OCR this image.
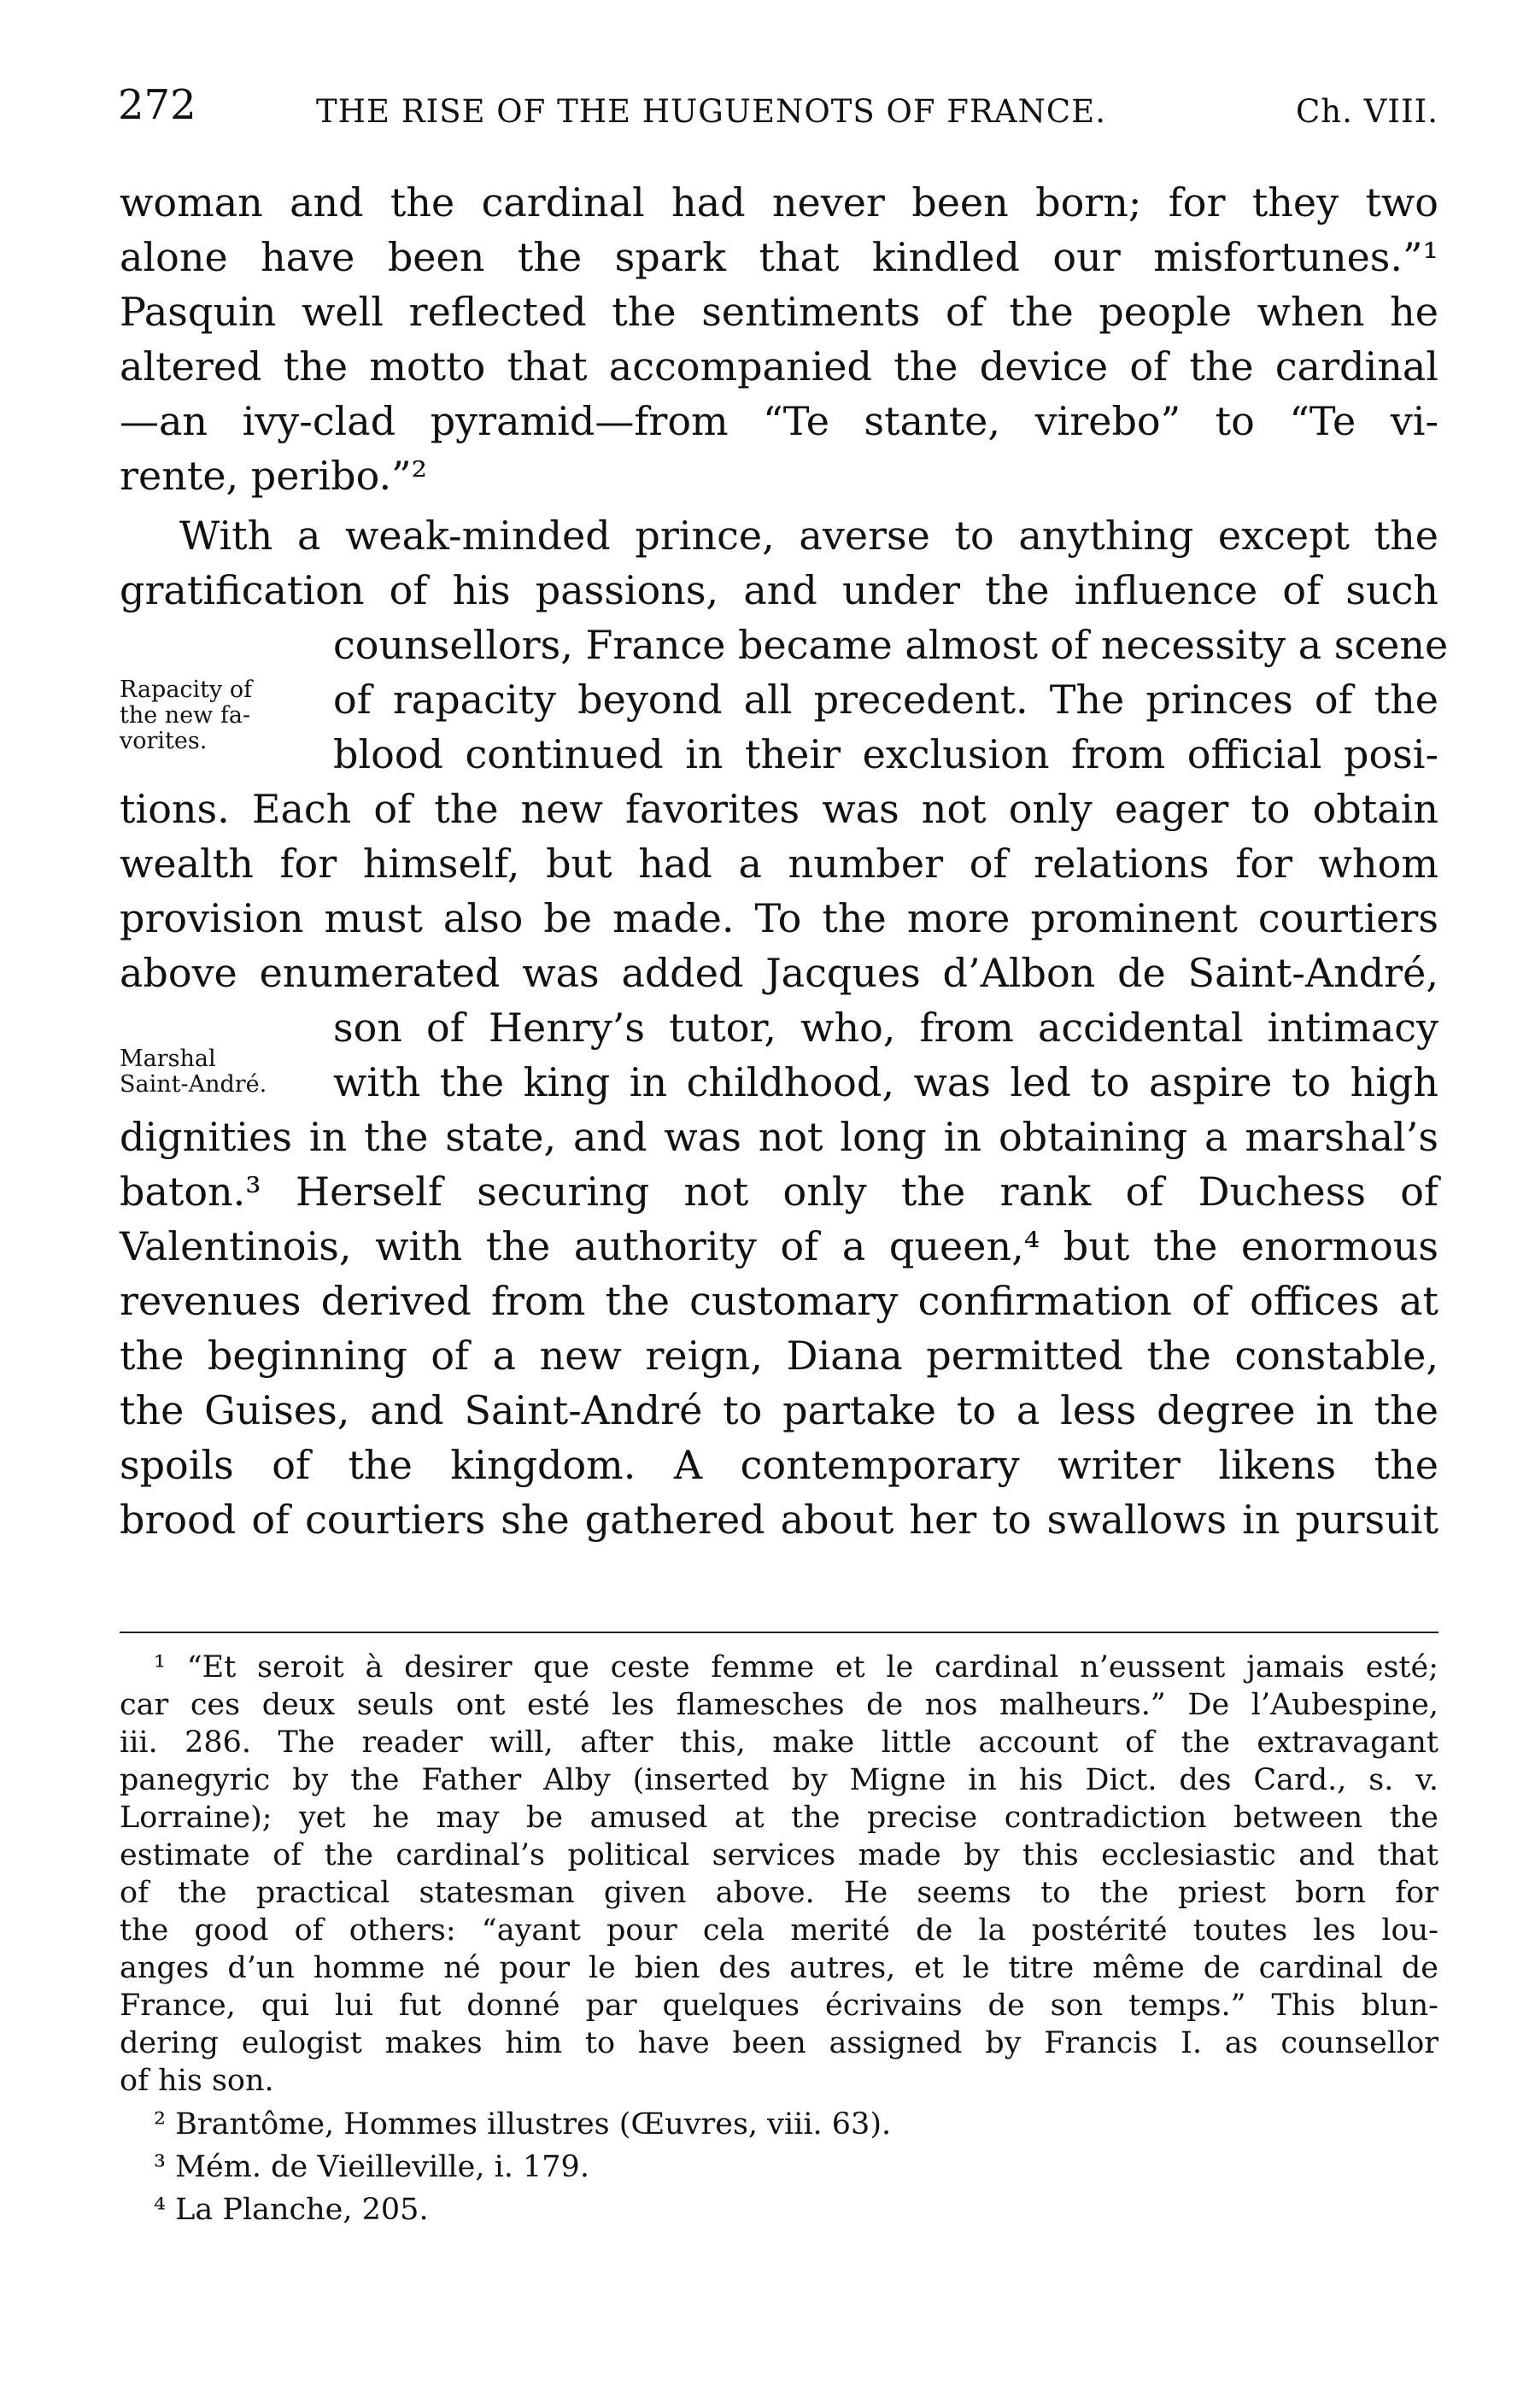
272	THE RISE OF THE HUGUENOTS OF FRANCE.	Ch. VIII.
woman and the cardinal had never been born; for they two
alone have been the spark that kindled our misfortunes.”¹
Pasquin well reflected the sentiments of the people when he
altered the motto that accompanied the device of the cardinal
—an ivy-clad pyramid—from “Te stante, virebo” to “Te vi-
rente, peribo.”²
With a weak-minded prince, averse to anything except the
gratification of his passions, and under the influence of such
counsellors, France became almost of necessity a scene
of rapacity beyond all precedent. The princes of the
blood continued in their exclusion from official posi-
tions. Each of the new favorites was not only eager to obtain
wealth for himself, but had a number of relations for whom
provision must also be made. To the more prominent courtiers
above enumerated was added Jacques d’Albon de Saint-André,
son of Henry’s tutor, who, from accidental intimacy
with the king in childhood, was led to aspire to high
dignities in the state, and was not long in obtaining a marshal’s
baton.³ Herself securing not only the rank of Duchess of
Valentinois, with the authority of a queen,⁴ but the enormous
revenues derived from the customary confirmation of offices at
the beginning of a new reign, Diana permitted the constable,
the Guises, and Saint-André to partake to a less degree in the
spoils of the kingdom. A contemporary writer likens the
brood of courtiers she gathered about her to swallows in pursuit
Rapacity of
the new fa-
vorites.
Marshal
Saint-André.
¹ “Et seroit à desirer que ceste femme et le cardinal n’eussent jamais esté;
car ces deux seuls ont esté les flamesches de nos malheurs.” De l’Aubespine,
iii. 286. The reader will, after this, make little account of the extravagant
panegyric by the Father Alby (inserted by Migne in his Dict. des Card., s. v.
Lorraine); yet he may be amused at the precise contradiction between the
estimate of the cardinal’s political services made by this ecclesiastic and that
of the practical statesman given above. He seems to the priest born for
the good of others: “ayant pour cela merité de la postérité toutes les lou-
anges d’un homme né pour le bien des autres, et le titre même de cardinal de
France, qui lui fut donné par quelques écrivains de son temps.” This blun-
dering eulogist makes him to have been assigned by Francis I. as counsellor
of his son.
² Brantôme, Hommes illustres (Œuvres, viii. 63).
³ Mém. de Vieilleville, i. 179.
⁴ La Planche, 205.
